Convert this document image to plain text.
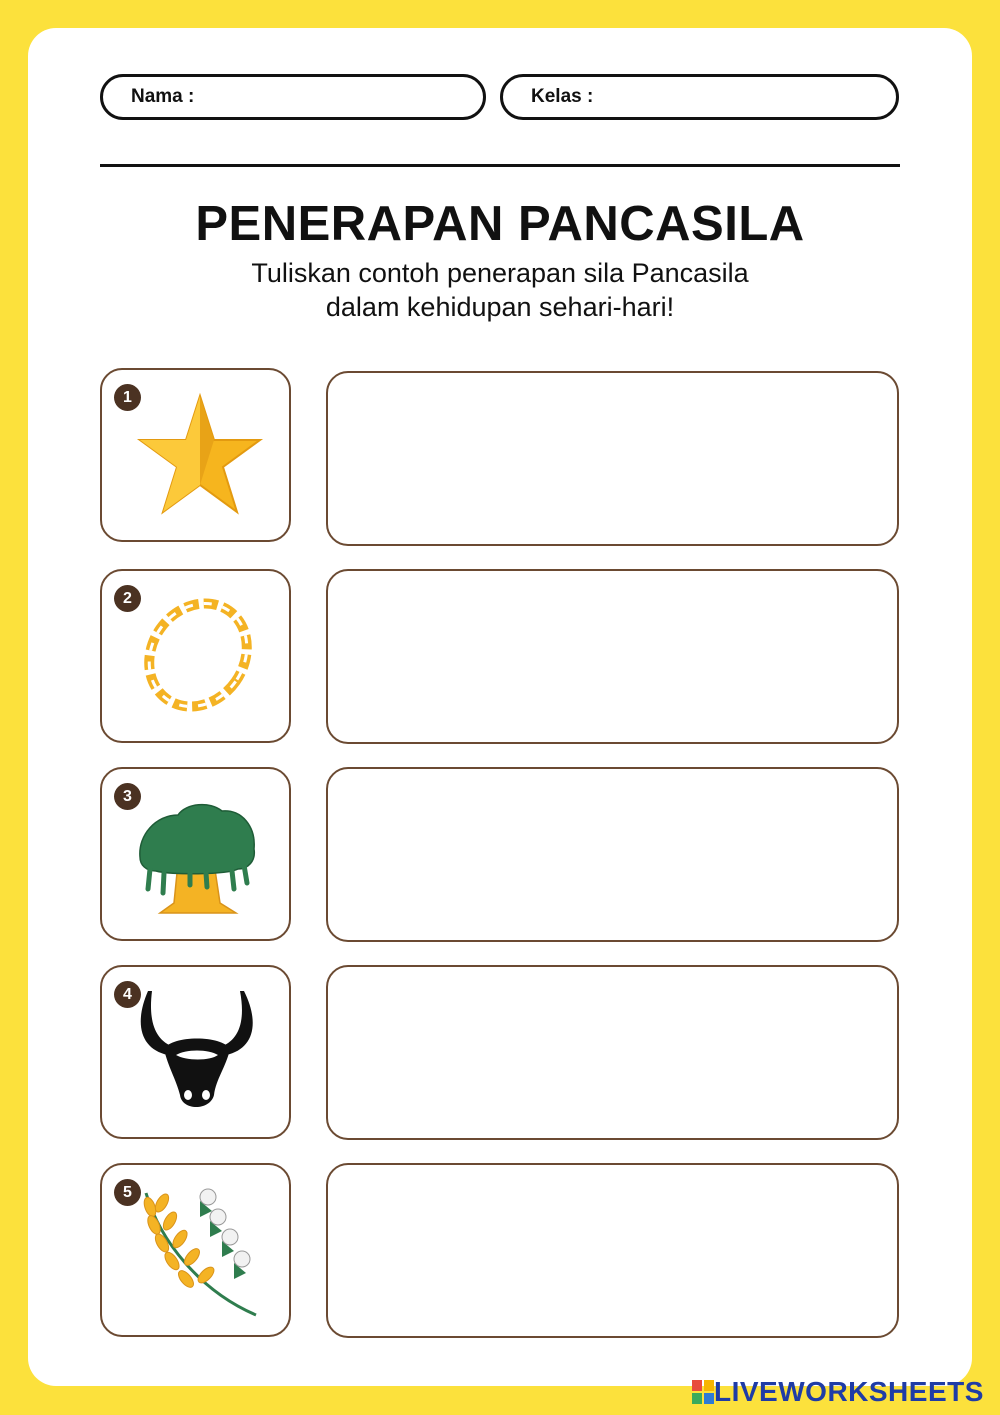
Nama :	Kelas :
PENERAPAN PANCASILA
Tuliskan contoh penerapan sila Pancasila
dalam kehidupan sehari-hari!
1
2
3
4
5
LIVEWORKSHEETS
